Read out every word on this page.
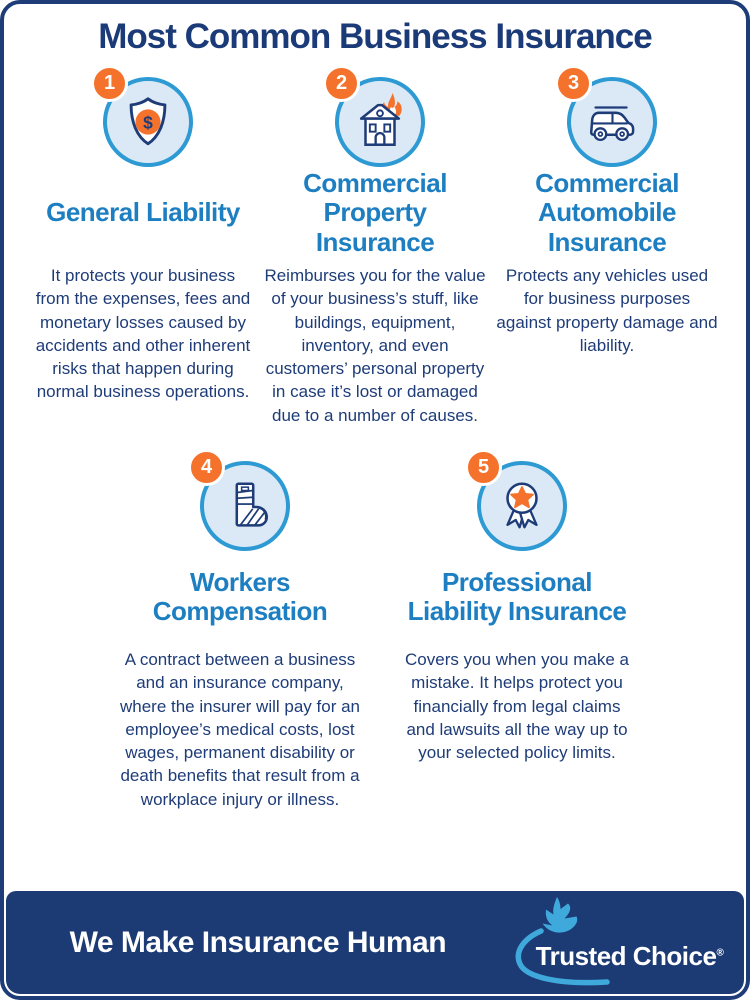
Most Common Business Insurance
$
1
General Liability

It protects your business from the expenses, fees and monetary losses caused by accidents and other inherent risks that happen during normal business operations.

2
Commercial Property Insurance

Reimburses you for the value of your business’s stuff, like buildings, equipment, inventory, and even customers’ personal property in case it’s lost or damaged due to a number of causes.

3
Commercial Automobile Insurance

Protects any vehicles used for business purposes against property damage and liability.

4
Workers Compensation

A contract between a business and an insurance company, where the insurer will pay for an employee’s medical costs, lost wages, permanent disability or death benefits that result from a workplace injury or illness.

5
Professional Liability Insurance

Covers you when you make a mistake. It helps protect you financially from legal claims and lawsuits all the way up to your selected policy limits.

We Make Insurance Human	Trusted Choice®
